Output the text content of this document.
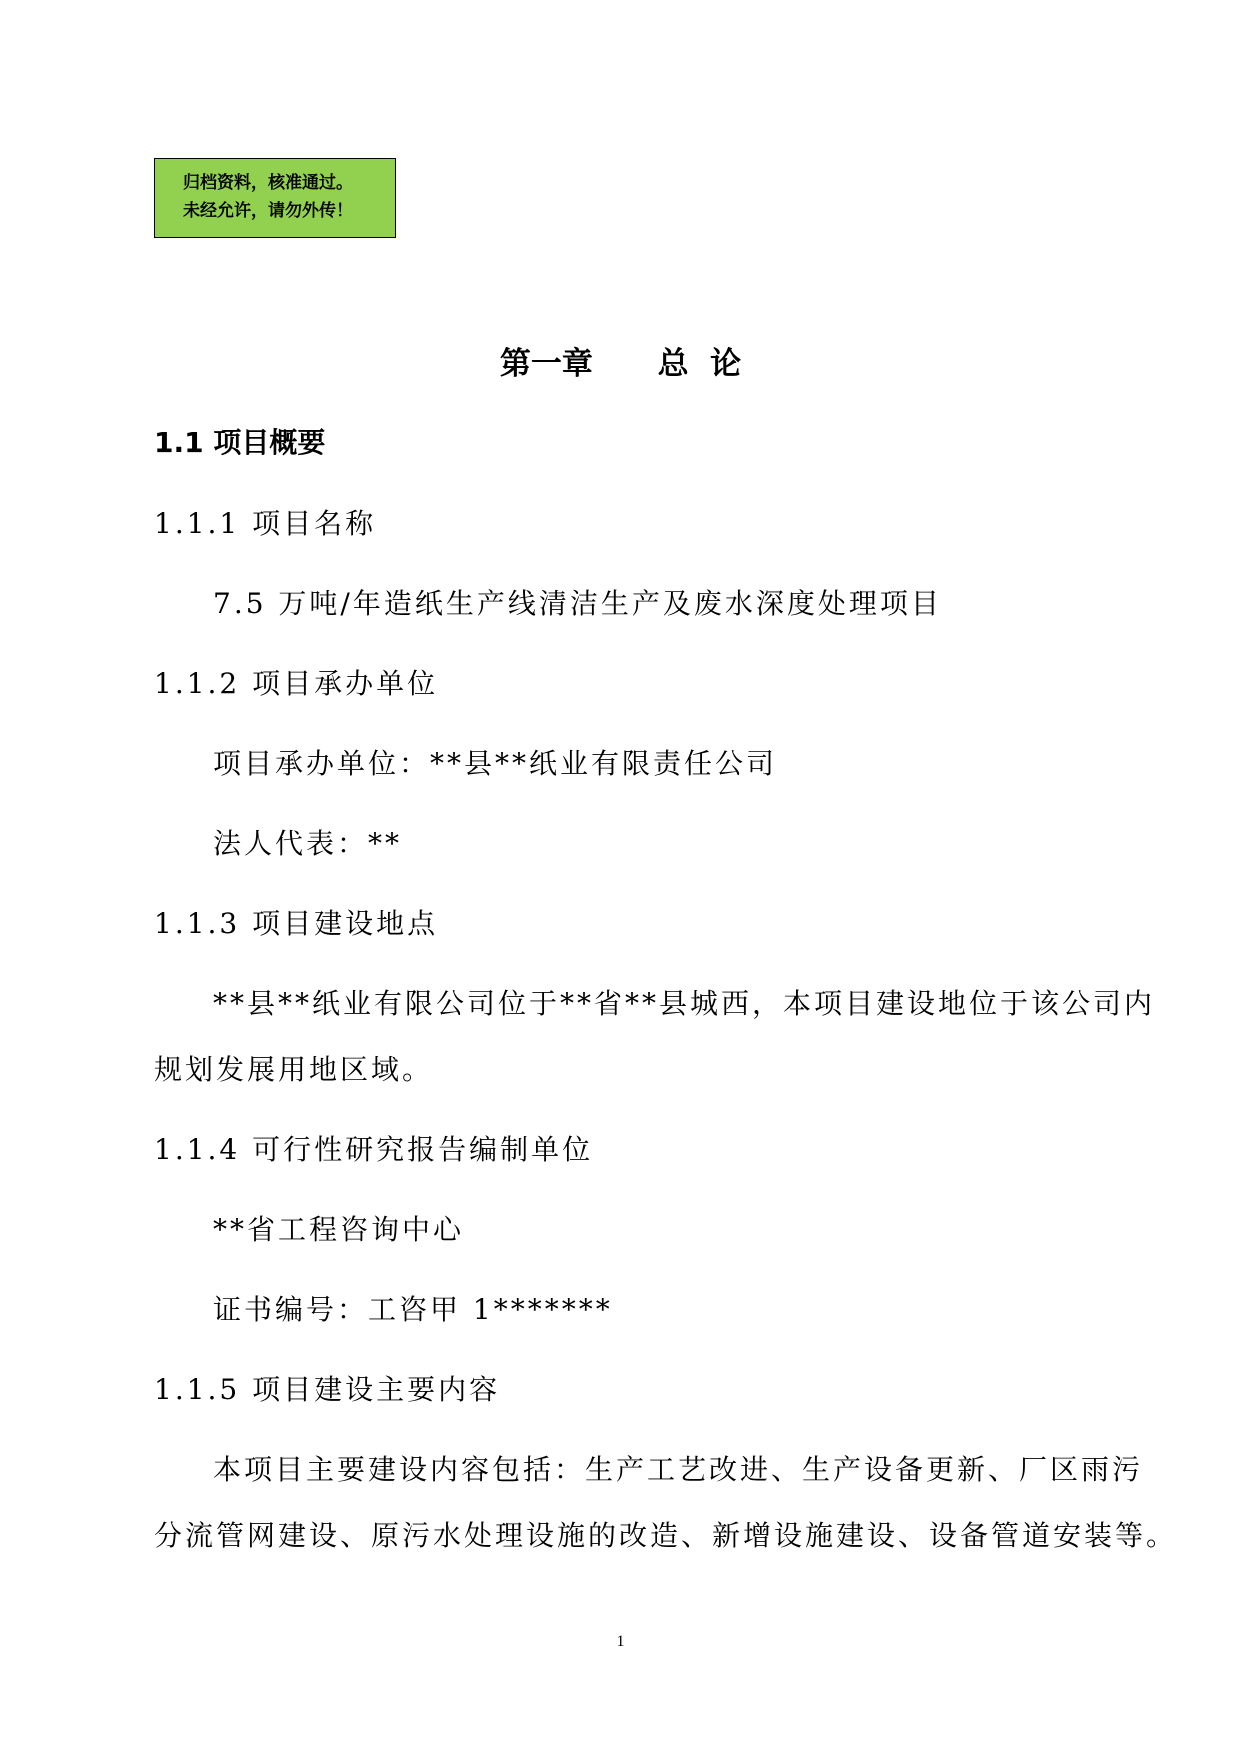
归档资料，核准通过。
未经允许，请勿外传！
第一章      总  论
1.1 项目概要
1.1.1 项目名称
7.5 万吨/年造纸生产线清洁生产及废水深度处理项目
1.1.2 项目承办单位
项目承办单位：**县**纸业有限责任公司
法人代表：**
1.1.3 项目建设地点
**县**纸业有限公司位于**省**县城西，本项目建设地位于该公司内
规划发展用地区域。
1.1.4 可行性研究报告编制单位
**省工程咨询中心
证书编号：工咨甲 1*******
1.1.5 项目建设主要内容
本项目主要建设内容包括：生产工艺改进、生产设备更新、厂区雨污
分流管网建设、原污水处理设施的改造、新增设施建设、设备管道安装等。
1
